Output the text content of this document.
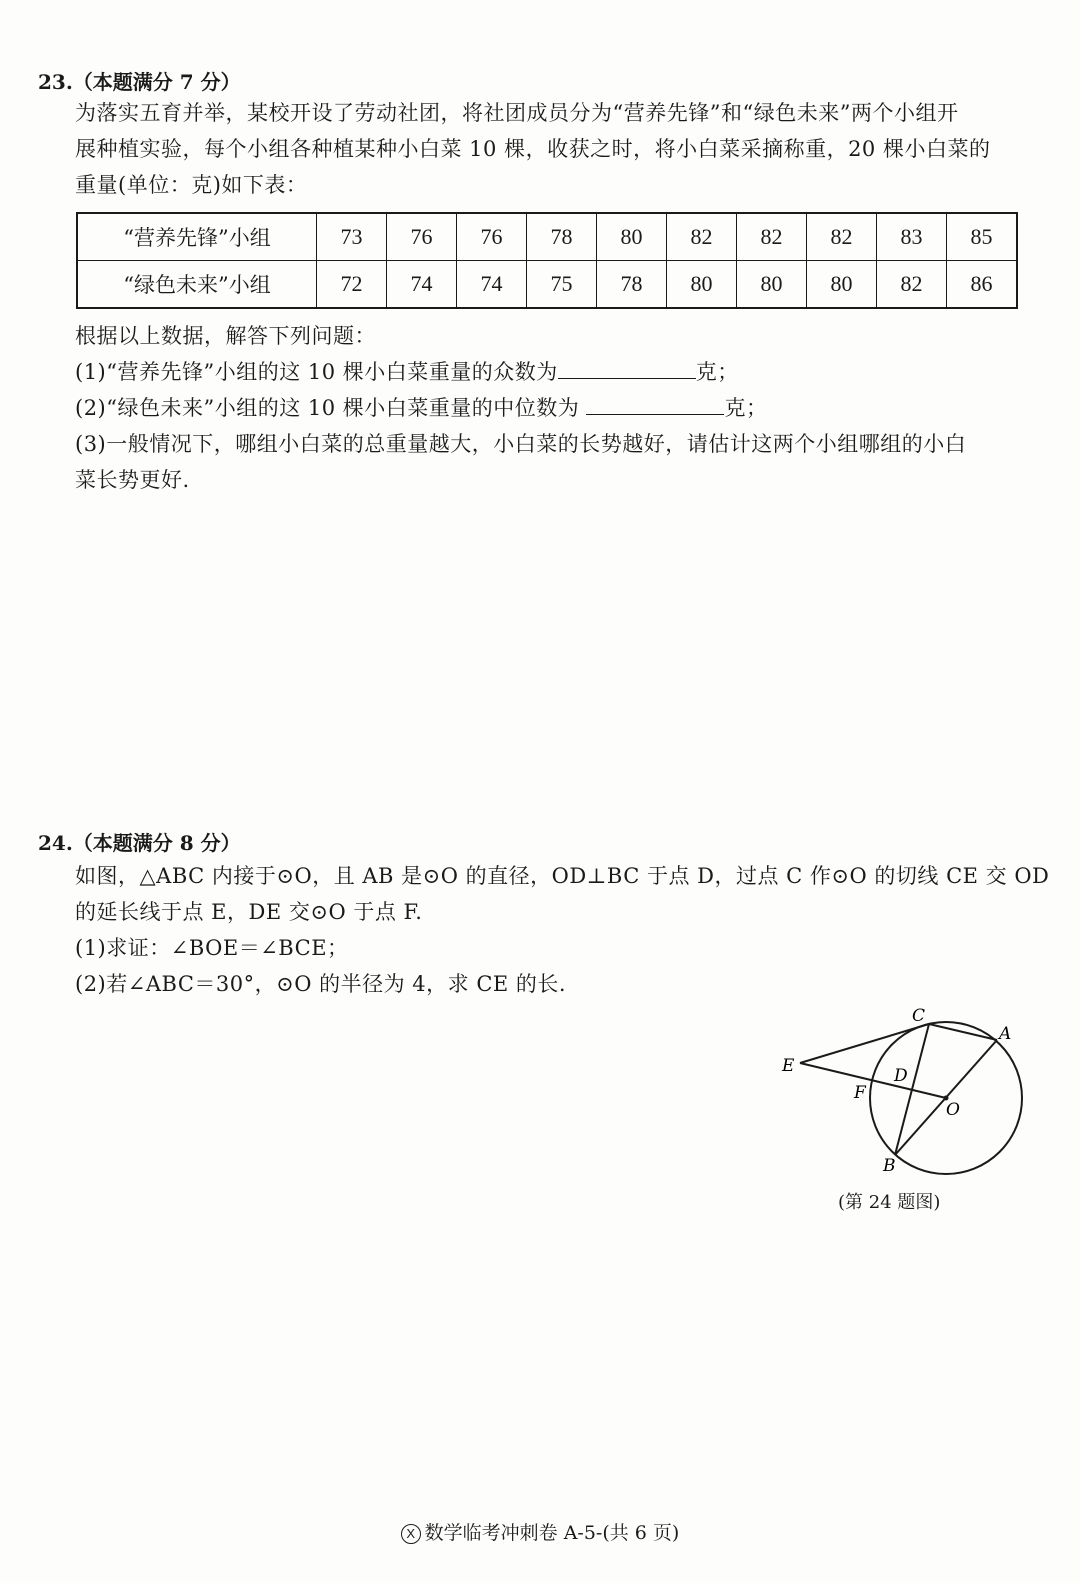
23.（本题满分 7 分）
为落实五育并举，某校开设了劳动社团，将社团成员分为“营养先锋”和“绿色未来”两个小组开
展种植实验，每个小组各种植某种小白菜 10 棵，收获之时，将小白菜采摘称重，20 棵小白菜的
重量(单位：克)如下表：
“营养先锋”小组	73	76	76	78	80	82	82	82	83	85
“绿色未来”小组	72	74	74	75	78	80	80	80	82	86
根据以上数据，解答下列问题：
(1)“营养先锋”小组的这 10 棵小白菜重量的众数为	克；
(2)“绿色未来”小组的这 10 棵小白菜重量的中位数为	克；
(3)一般情况下，哪组小白菜的总重量越大，小白菜的长势越好，请估计这两个小组哪组的小白
菜长势更好.
24.（本题满分 8 分）
如图，△ABC 内接于⊙O，且 AB 是⊙O 的直径，OD⊥BC 于点 D，过点 C 作⊙O 的切线 CE 交 OD
的延长线于点 E，DE 交⊙O 于点 F.
(1)求证：∠BOE＝∠BCE；
(2)若∠ABC＝30°，⊙O 的半径为 4，求 CE 的长.
C
A
E	D
F
O
B
(第 24 题图)
X 数学临考冲刺卷 A-5-(共 6 页)
